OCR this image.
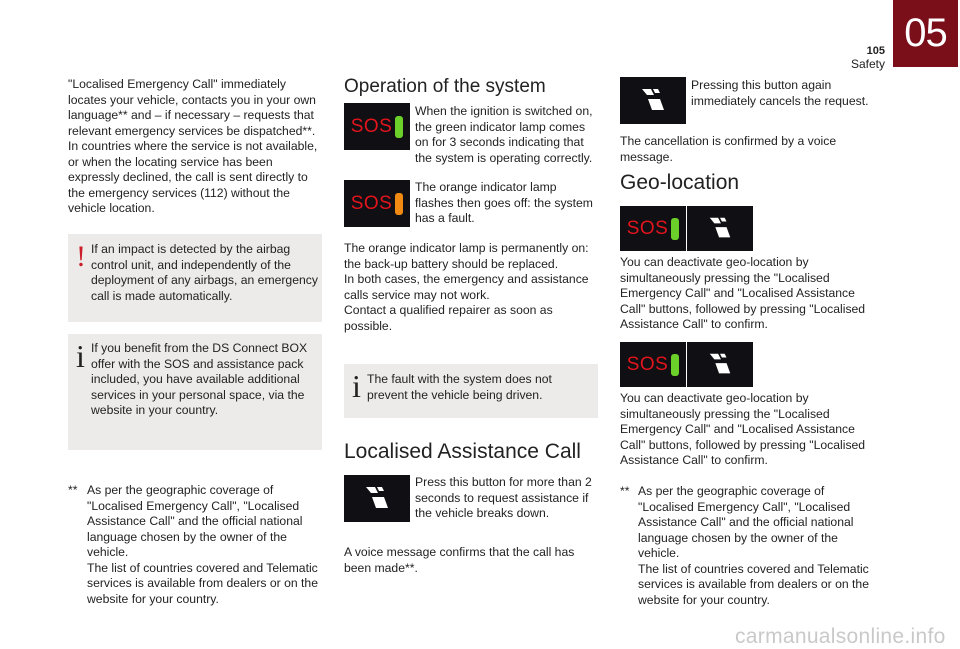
105
Safety
05
"Localised Emergency Call" immediately locates your vehicle, contacts you in your own language** and – if necessary – requests that relevant emergency services be dispatched**. In countries where the service is not available, or when the locating service has been expressly declined, the call is sent directly to the emergency services (112) without the vehicle location.
! If an impact is detected by the airbag control unit, and independently of the deployment of any airbags, an emergency call is made automatically.
i If you benefit from the DS Connect BOX offer with the SOS and assistance pack included, you have available additional services in your personal space, via the website in your country.
** As per the geographic coverage of "Localised Emergency Call", "Localised Assistance Call" and the official national language chosen by the owner of the vehicle.
The list of countries covered and Telematic services is available from dealers or on the website for your country.
Operation of the system
SOS
When the ignition is switched on, the green indicator lamp comes on for 3 seconds indicating that the system is operating correctly.
SOS
The orange indicator lamp flashes then goes off: the system has a fault.
The orange indicator lamp is permanently on: the back-up battery should be replaced.
In both cases, the emergency and assistance calls service may not work.
Contact a qualified repairer as soon as possible.
i The fault with the system does not prevent the vehicle being driven.
Localised Assistance Call
Press this button for more than 2 seconds to request assistance if the vehicle breaks down.
A voice message confirms that the call has been made**.
Pressing this button again immediately cancels the request.
The cancellation is confirmed by a voice message.
Geo-location
SOS
You can deactivate geo-location by simultaneously pressing the "Localised Emergency Call" and "Localised Assistance Call" buttons, followed by pressing "Localised Assistance Call" to confirm.
SOS
You can deactivate geo-location by simultaneously pressing the "Localised Emergency Call" and "Localised Assistance Call" buttons, followed by pressing "Localised Assistance Call" to confirm.
** As per the geographic coverage of "Localised Emergency Call", "Localised Assistance Call" and the official national language chosen by the owner of the vehicle.
The list of countries covered and Telematic services is available from dealers or on the website for your country.
carmanualsonline.info
